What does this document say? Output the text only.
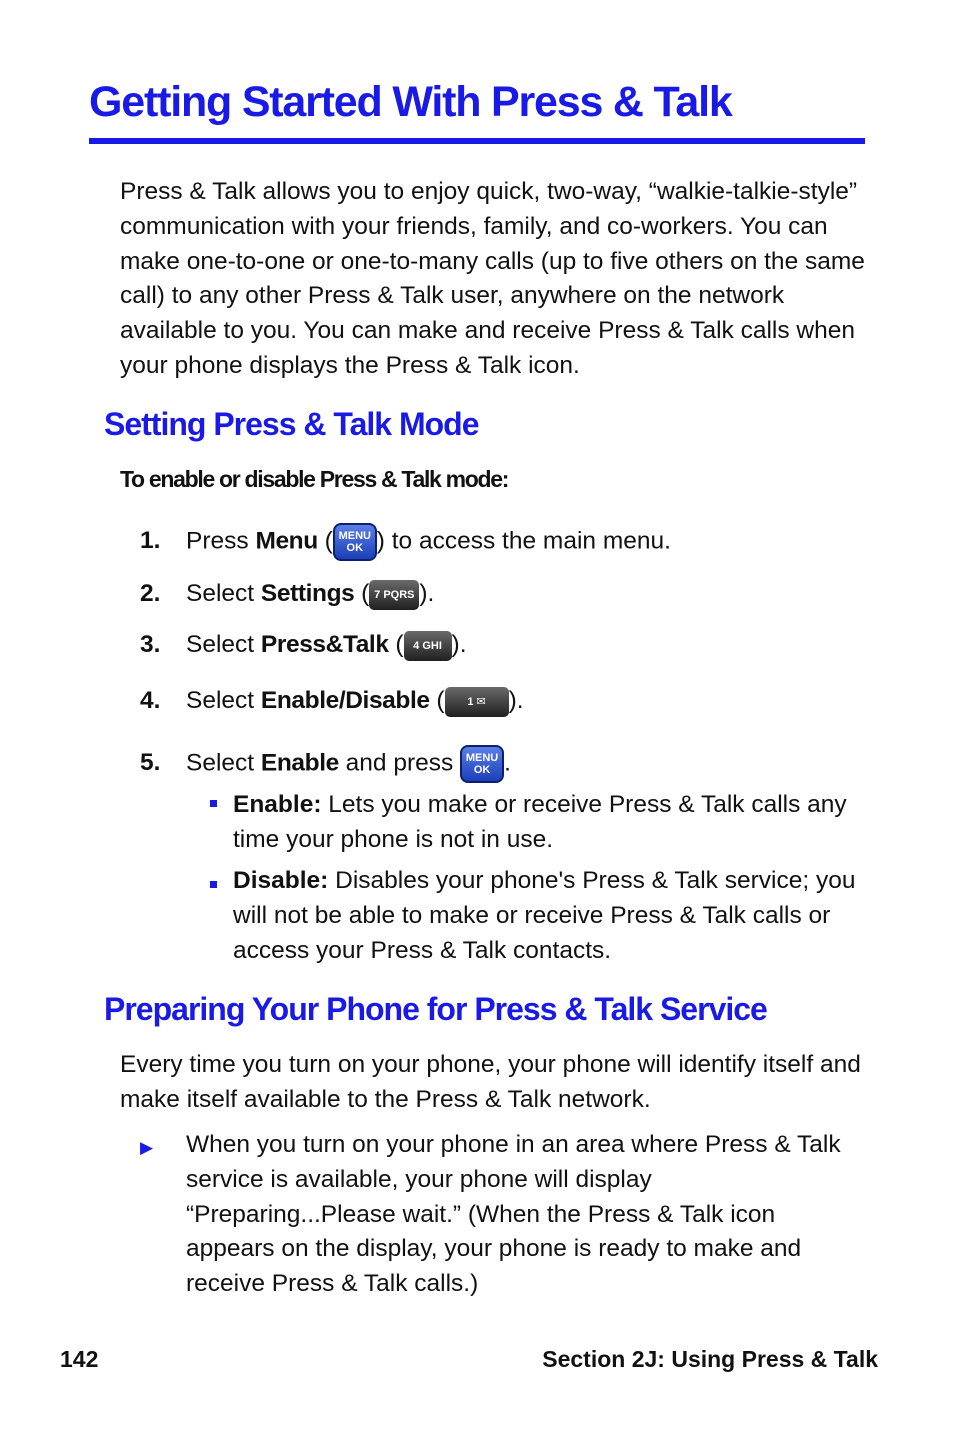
Getting Started With Press & Talk

Press & Talk allows you to enjoy quick, two-way, “walkie-talkie-style” communication with your friends, family, and co-workers. You can make one-to-one or one-to-many calls (up to five others on the same call) to any other Press & Talk user, anywhere on the network available to you. You can make and receive Press & Talk calls when your phone displays the Press & Talk icon.

Setting Press & Talk Mode

To enable or disable Press & Talk mode:

1. Press Menu ( MENU
OK ) to access the main menu.
2. Select Settings ( 7 PQRS ).
3. Select Press&Talk ( 4 GHI ).
4. Select Enable/Disable ( 1 ✉ ).
5. Select Enable and press MENU
OK .

Enable: Lets you make or receive Press & Talk calls any time your phone is not in use.

Disable: Disables your phone's Press & Talk service; you will not be able to make or receive Press & Talk calls or access your Press & Talk contacts.

Preparing Your Phone for Press & Talk Service

Every time you turn on your phone, your phone will identify itself and make itself available to the Press & Talk network.

▶ When you turn on your phone in an area where Press & Talk service is available, your phone will display “Preparing...Please wait.” (When the Press & Talk icon appears on the display, your phone is ready to make and receive Press & Talk calls.)

142	Section 2J: Using Press & Talk
